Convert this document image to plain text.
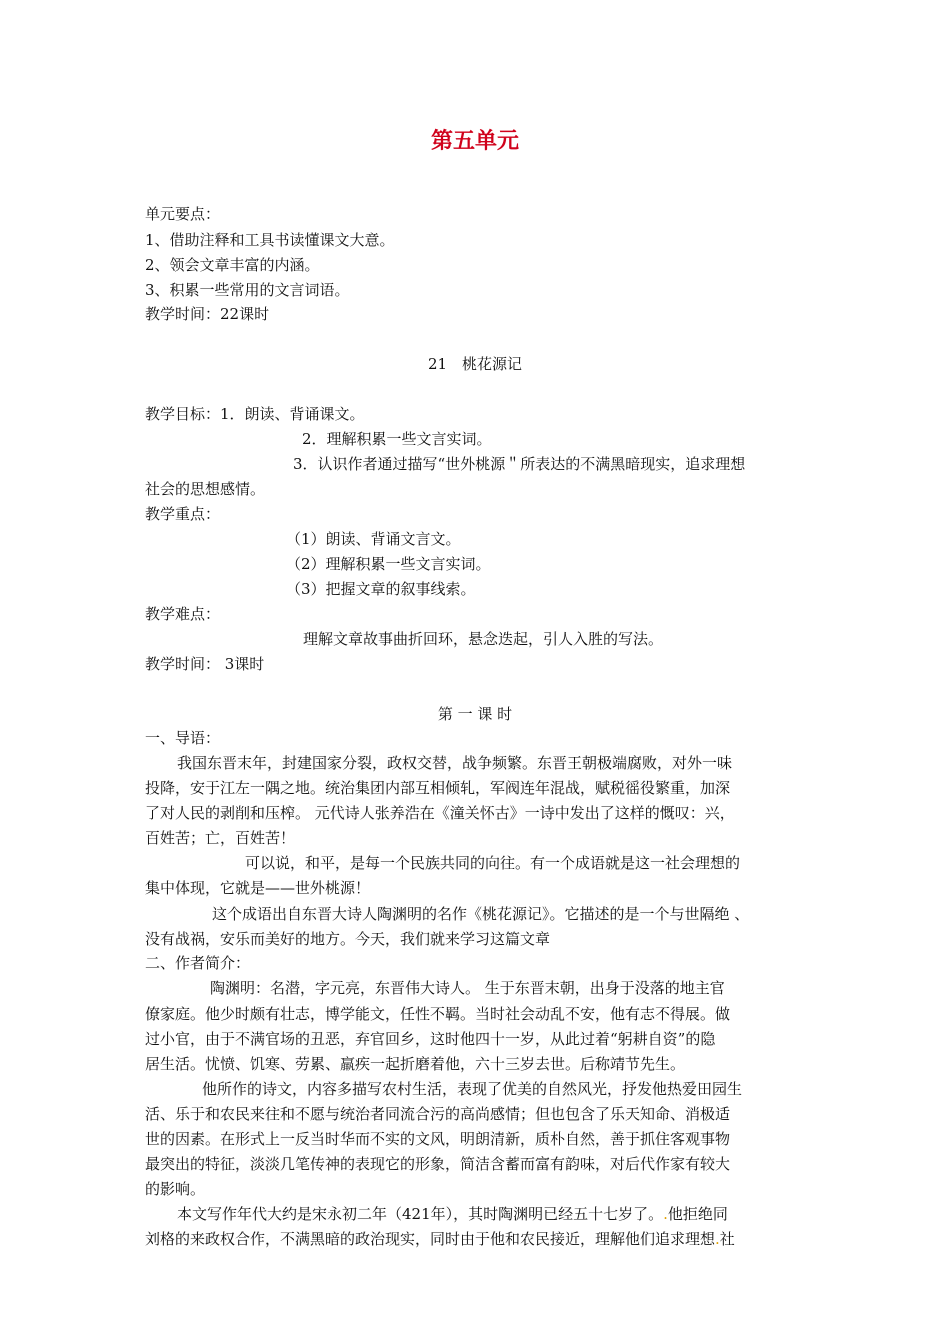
第五单元
单元要点：
1、借助注释和工具书读懂课文大意。
2、领会文章丰富的内涵。
3、积累一些常用的文言词语。
教学时间：22课时
21　桃花源记
教学目标：1．朗读、背诵课文。
2．理解积累一些文言实词。
3．认识作者通过描写“世外桃源＂所表达的不满黑暗现实，追求理想
社会的思想感情。
教学重点：
（1）朗读、背诵文言文。
（2）理解积累一些文言实词。
（3）把握文章的叙事线索。
教学难点：
理解文章故事曲折回环，悬念迭起，引人入胜的写法。
教学时间： 3课时
第 一 课 时
一、导语：
我国东晋末年，封建国家分裂，政权交替，战争频繁。东晋王朝极端腐败，对外一味
投降，安于江左一隅之地。统治集团内部互相倾轧，军阀连年混战，赋税徭役繁重，加深
了对人民的剥削和压榨。 元代诗人张养浩在《潼关怀古》一诗中发出了这样的慨叹：兴，
百姓苦；亡，百姓苦！
可以说，和平，是每一个民族共同的向往。有一个成语就是这一社会理想的
集中体现，它就是——世外桃源！
这个成语出自东晋大诗人陶渊明的名作《桃花源记》。它描述的是一个与世隔绝 、
没有战祸，安乐而美好的地方。今天，我们就来学习这篇文章
二、作者简介：
陶渊明：名潜，字元亮，东晋伟大诗人。 生于东晋末朝，出身于没落的地主官
僚家庭。他少时颇有壮志，博学能文，任性不羁。当时社会动乱不安，他有志不得展。做
过小官，由于不满官场的丑恶，弃官回乡，这时他四十一岁，从此过着“躬耕自资”的隐
居生活。忧愤、饥寒、劳累、羸疾一起折磨着他，六十三岁去世。后称靖节先生。
他所作的诗文，内容多描写农村生活，表现了优美的自然风光，抒发他热爱田园生
活、乐于和农民来往和不愿与统治者同流合污的高尚感情；但也包含了乐天知命、消极适
世的因素。在形式上一反当时华而不实的文风，明朗清新，质朴自然，善于抓住客观事物
最突出的特征，淡淡几笔传神的表现它的形象，简洁含蓄而富有韵味，对后代作家有较大
的影响。
本文写作年代大约是宋永初二年（421年），其时陶渊明已经五十七岁了。.他拒绝同
刘格的来政权合作，不满黑暗的政治现实，同时由于他和农民接近，理解他们追求理想.社
